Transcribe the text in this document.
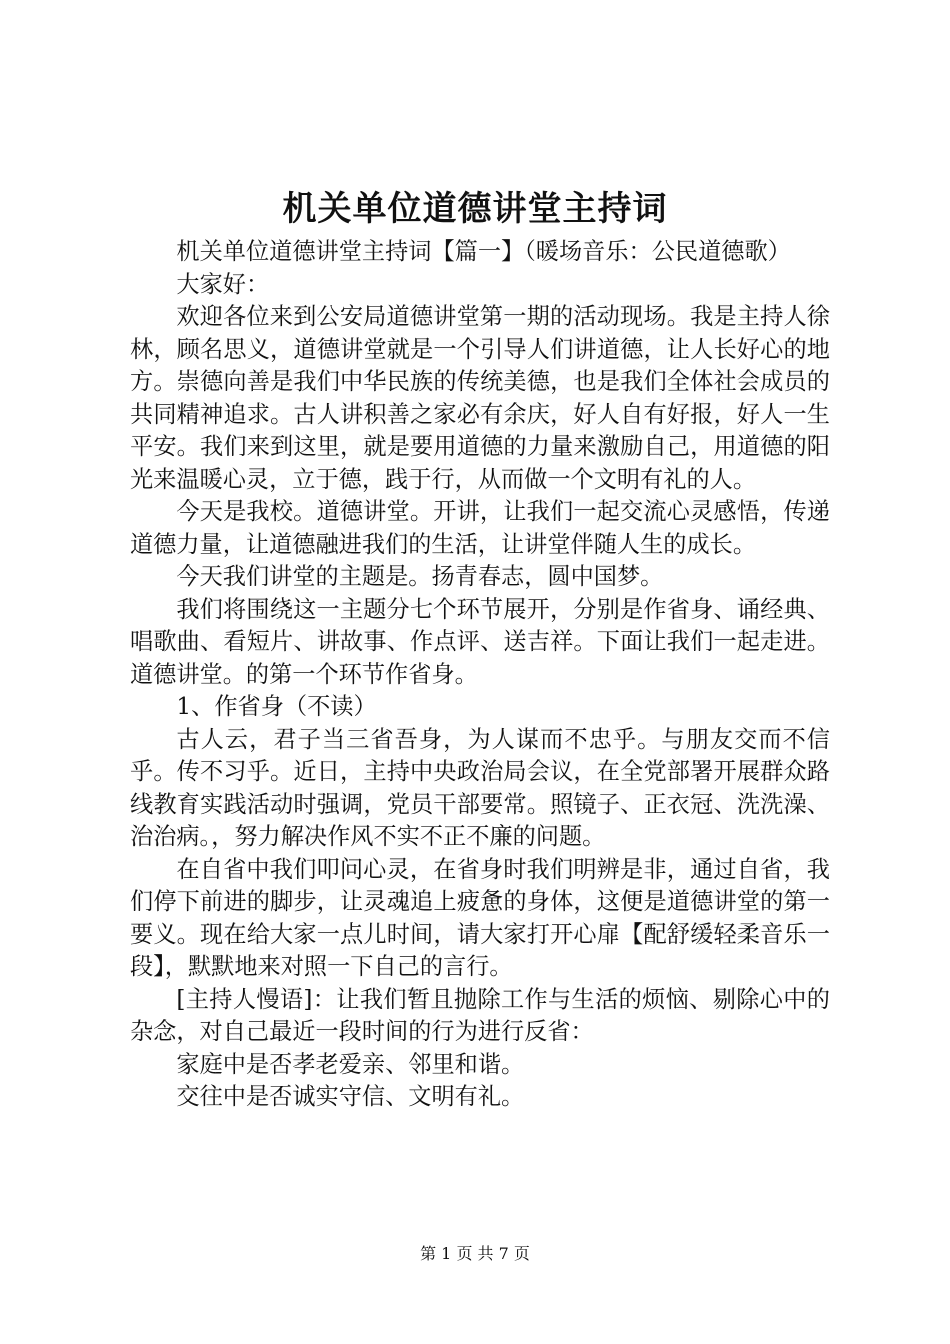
机关单位道德讲堂主持词

机关单位道德讲堂主持词【篇一】（暖场音乐：公民道德歌）

大家好：

欢迎各位来到公安局道德讲堂第一期的活动现场。我是主持人徐林，顾名思义，道德讲堂就是一个引导人们讲道德，让人长好心的地方。崇德向善是我们中华民族的传统美德，也是我们全体社会成员的共同精神追求。古人讲积善之家必有余庆，好人自有好报，好人一生平安。我们来到这里，就是要用道德的力量来激励自己，用道德的阳光来温暖心灵，立于德，践于行，从而做一个文明有礼的人。

今天是我校。道德讲堂。开讲，让我们一起交流心灵感悟，传递道德力量，让道德融进我们的生活，让讲堂伴随人生的成长。

今天我们讲堂的主题是。扬青春志，圆中国梦。

我们将围绕这一主题分七个环节展开，分别是作省身、诵经典、唱歌曲、看短片、讲故事、作点评、送吉祥。下面让我们一起走进。道德讲堂。的第一个环节作省身。

1、作省身（不读）

古人云，君子当三省吾身，为人谋而不忠乎。与朋友交而不信乎。传不习乎。近日，主持中央政治局会议，在全党部署开展群众路线教育实践活动时强调，党员干部要常。照镜子、正衣冠、洗洗澡、治治病。，努力解决作风不实不正不廉的问题。

在自省中我们叩问心灵，在省身时我们明辨是非，通过自省，我们停下前进的脚步，让灵魂追上疲惫的身体，这便是道德讲堂的第一要义。现在给大家一点儿时间，请大家打开心扉【配舒缓轻柔音乐一段】，默默地来对照一下自己的言行。

[主持人慢语]：让我们暂且抛除工作与生活的烦恼、剔除心中的杂念，对自己最近一段时间的行为进行反省：

家庭中是否孝老爱亲、邻里和谐。

交往中是否诚实守信、文明有礼。

第 1 页 共 7 页
